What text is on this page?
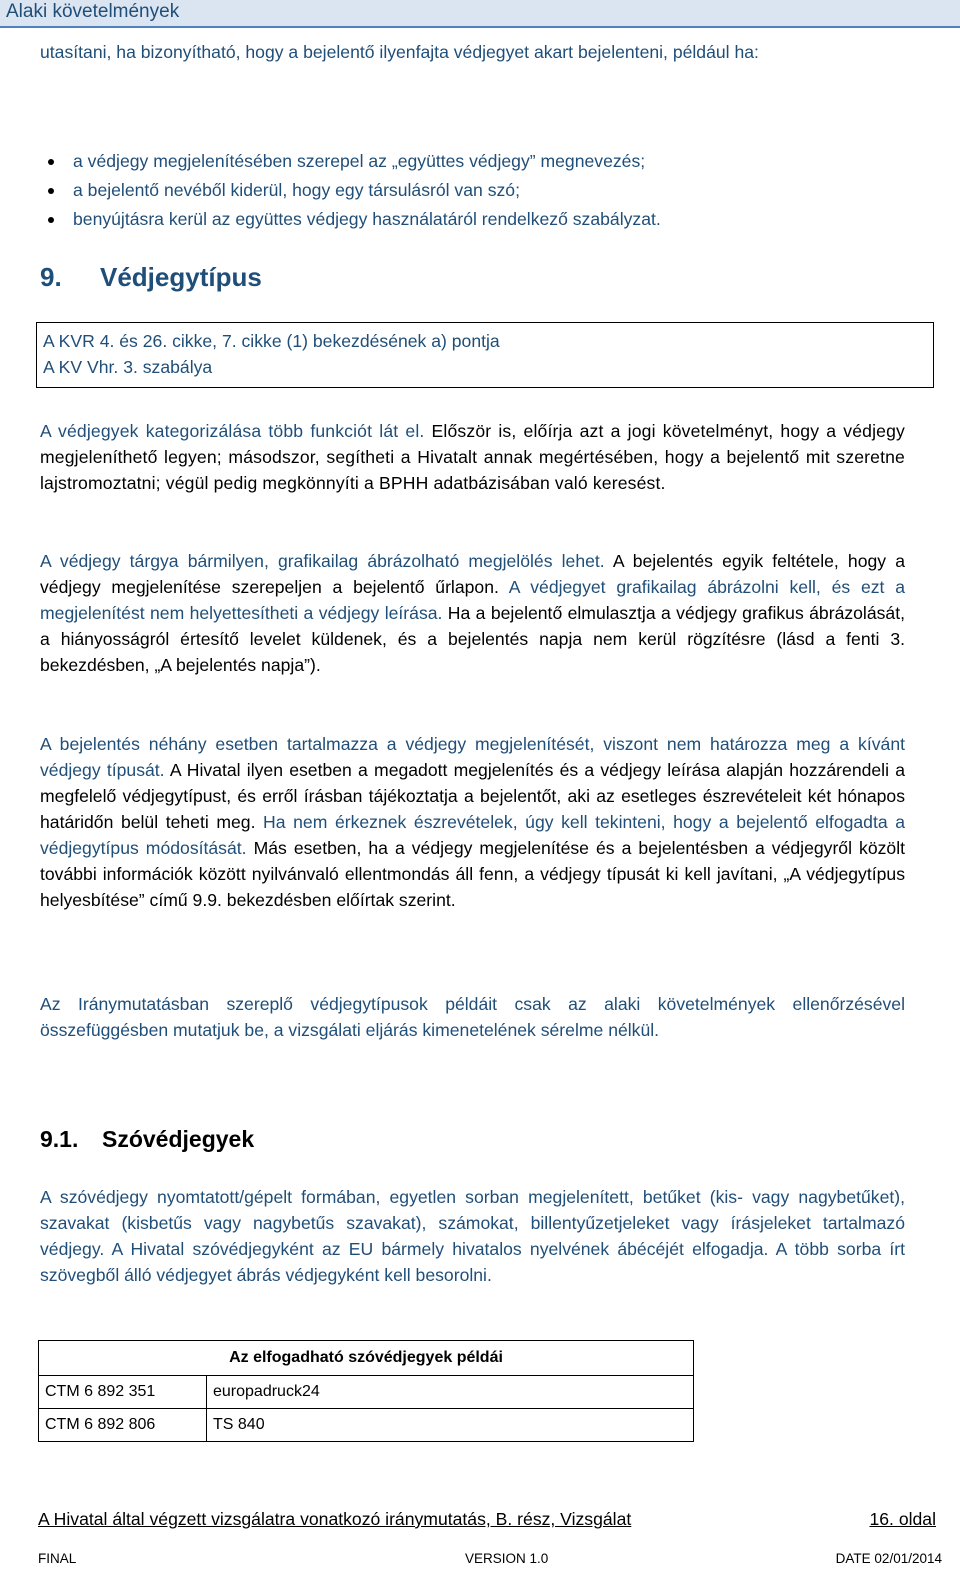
Alaki követelmények
utasítani, ha bizonyítható, hogy a bejelentő ilyenfajta védjegyet akart bejelenteni, például ha:
a védjegy megjelenítésében szerepel az „együttes védjegy” megnevezés;
a bejelentő nevéből kiderül, hogy egy társulásról van szó;
benyújtásra kerül az együttes védjegy használatáról rendelkező szabályzat.
9. Védjegytípus
A KVR 4. és 26. cikke, 7. cikke (1) bekezdésének a) pontja
A KV Vhr. 3. szabálya
A védjegyek kategorizálása több funkciót lát el. Először is, előírja azt a jogi követelményt, hogy a védjegy megjeleníthető legyen; másodszor, segítheti a Hivatalt annak megértésében, hogy a bejelentő mit szeretne lajstromoztatni; végül pedig megkönnyíti a BPHH adatbázisában való keresést.
A védjegy tárgya bármilyen, grafikailag ábrázolható megjelölés lehet. A bejelentés egyik feltétele, hogy a védjegy megjelenítése szerepeljen a bejelentő űrlapon. A védjegyet grafikailag ábrázolni kell, és ezt a megjelenítést nem helyettesítheti a védjegy leírása. Ha a bejelentő elmulasztja a védjegy grafikus ábrázolását, a hiányosságról értesítő levelet küldenek, és a bejelentés napja nem kerül rögzítésre (lásd a fenti 3. bekezdésben, „A bejelentés napja”).
A bejelentés néhány esetben tartalmazza a védjegy megjelenítését, viszont nem határozza meg a kívánt védjegy típusát. A Hivatal ilyen esetben a megadott megjelenítés és a védjegy leírása alapján hozzárendeli a megfelelő védjegytípust, és erről írásban tájékoztatja a bejelentőt, aki az esetleges észrevételeit két hónapos határidőn belül teheti meg. Ha nem érkeznek észrevételek, úgy kell tekinteni, hogy a bejelentő elfogadta a védjegytípus módosítását. Más esetben, ha a védjegy megjelenítése és a bejelentésben a védjegyről közölt további információk között nyilvánvaló ellentmondás áll fenn, a védjegy típusát ki kell javítani, „A védjegytípus helyesbítése” című 9.9. bekezdésben előírtak szerint.
Az Iránymutatásban szereplő védjegytípusok példáit csak az alaki követelmények ellenőrzésével összefüggésben mutatjuk be, a vizsgálati eljárás kimenetelének sérelme nélkül.
9.1. Szóvédjegyek
A szóvédjegy nyomtatott/gépelt formában, egyetlen sorban megjelenített, betűket (kis- vagy nagybetűket), szavakat (kisbetűs vagy nagybetűs szavakat), számokat, billentyűzetjeleket vagy írásjeleket tartalmazó védjegy. A Hivatal szóvédjegyként az EU bármely hivatalos nyelvének ábécéjét elfogadja. A több sorba írt szövegből álló védjegyet ábrás védjegyként kell besorolni.
Az elfogadható szóvédjegyek példái	
CTM 6 892 351	europadruck24
CTM 6 892 806	TS 840
A Hivatal által végzett vizsgálatra vonatkozó iránymutatás, B. rész, Vizsgálat	16. oldal
FINAL	VERSION 1.0	DATE 02/01/2014
